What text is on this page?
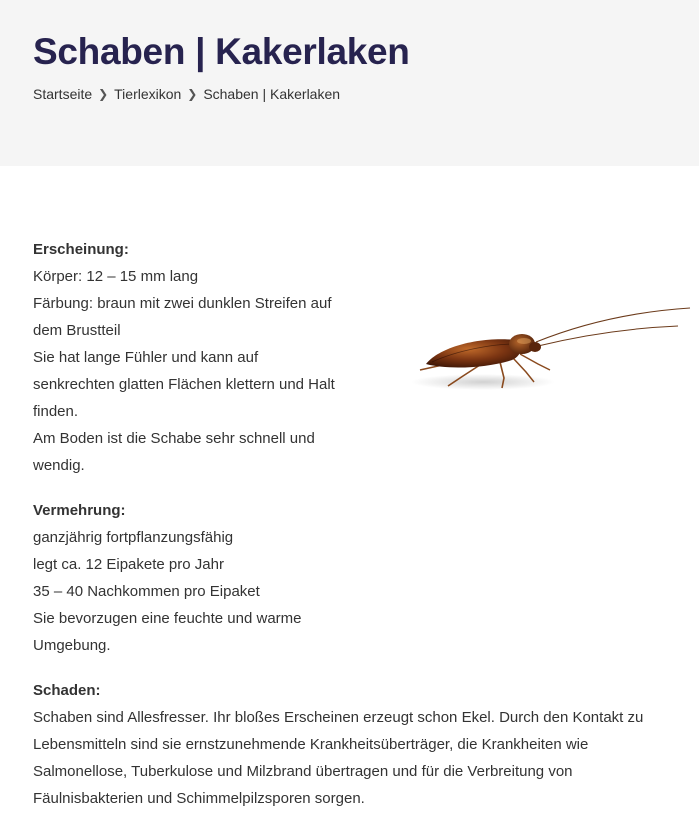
Schaben | Kakerlaken
Startseite ❯ Tierlexikon ❯ Schaben | Kakerlaken
Erscheinung:

Körper: 12 – 15 mm lang

Färbung: braun mit zwei dunklen Streifen auf dem Brustteil

Sie hat lange Fühler und kann auf senkrechten glatten Flächen klettern und Halt finden.

Am Boden ist die Schabe sehr schnell und wendig.

Vermehrung:

ganzjährig fortpflanzungsfähig

legt ca. 12 Eipakete pro Jahr

35 – 40 Nachkommen pro Eipaket

Sie bevorzugen eine feuchte und warme Umgebung.

Schaden:

Schaben sind Allesfresser. Ihr bloßes Erscheinen erzeugt schon Ekel. Durch den Kontakt zu Lebensmitteln sind sie ernstzunehmende Krankheitsüberträger, die Krankheiten wie Salmonellose, Tuberkulose und Milzbrand übertragen und für die Verbreitung von Fäulnisbakterien und Schimmelpilzsporen sorgen.
